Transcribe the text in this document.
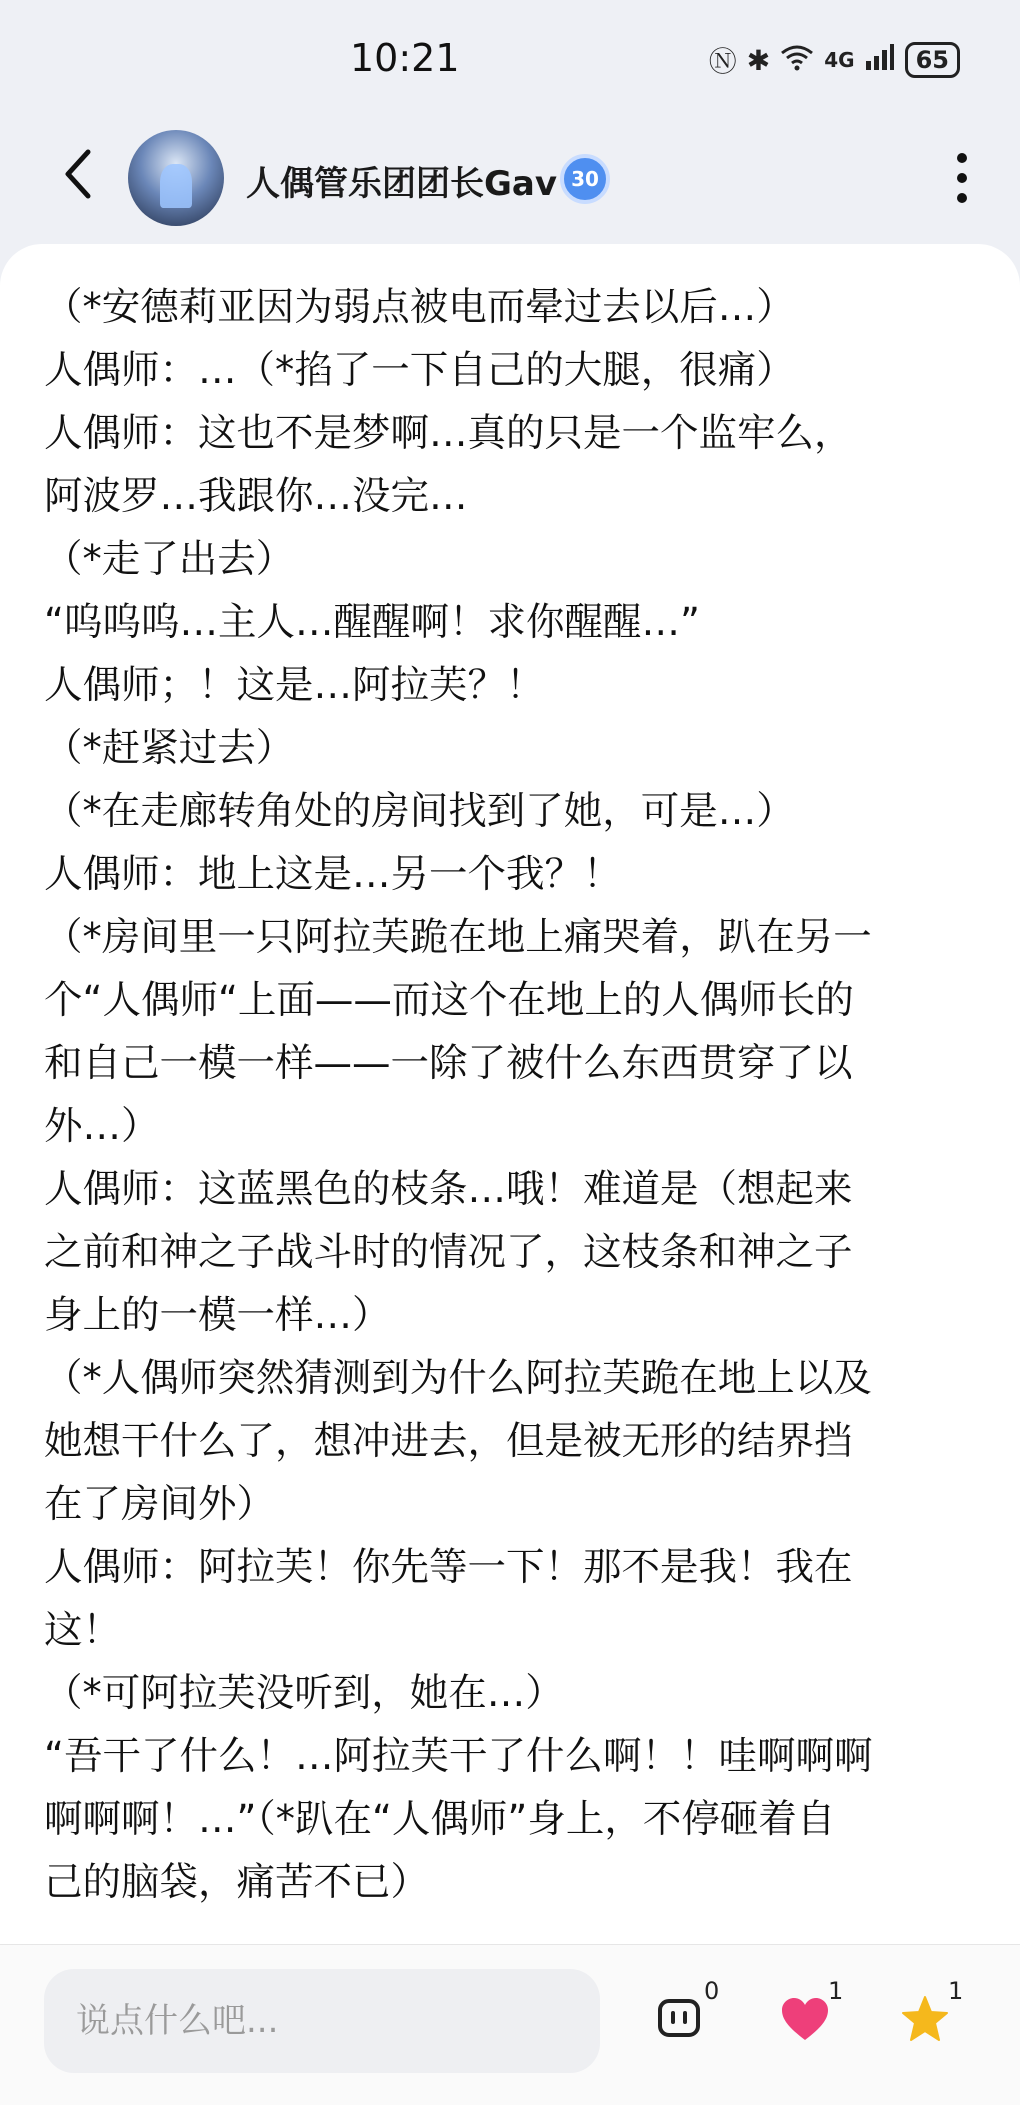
10:21	Ⓝ ✱	4G	65
人偶管乐团团长Gav 30
（*安德莉亚因为弱点被电而晕过去以后…）
人偶师：…（*掐了一下自己的大腿，很痛）
人偶师：这也不是梦啊…真的只是一个监牢么，
阿波罗…我跟你…没完…
（*走了出去）
“呜呜呜…主人…醒醒啊！求你醒醒…”
人偶师；！这是…阿拉芙？！
（*赶紧过去）
（*在走廊转角处的房间找到了她，可是…）
人偶师：地上这是…另一个我？！
（*房间里一只阿拉芙跪在地上痛哭着，趴在另一
个“人偶师“上面——而这个在地上的人偶师长的
和自己一模一样——一除了被什么东西贯穿了以
外…）
人偶师：这蓝黑色的枝条…哦！难道是（想起来
之前和神之子战斗时的情况了，这枝条和神之子
身上的一模一样…）
（*人偶师突然猜测到为什么阿拉芙跪在地上以及
她想干什么了，想冲进去，但是被无形的结界挡
在了房间外）
人偶师：阿拉芙！你先等一下！那不是我！我在
这！
（*可阿拉芙没听到，她在…）
“吾干了什么！…阿拉芙干了什么啊！！哇啊啊啊
啊啊啊！…”（*趴在“人偶师”身上，不停砸着自
己的脑袋，痛苦不已）
说点什么吧...
0	1	1
